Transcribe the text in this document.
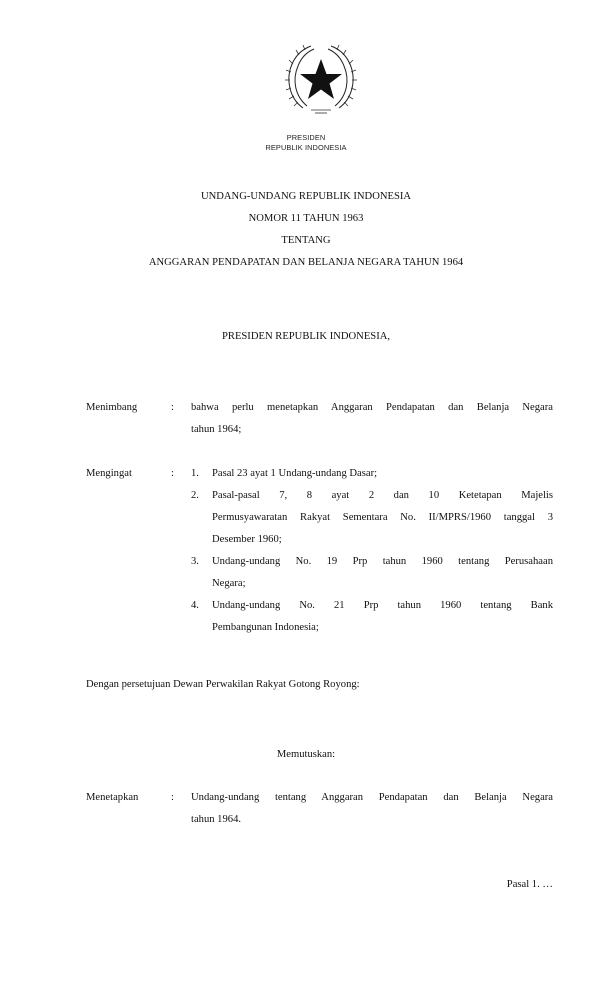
PRESIDEN
REPUBLIK INDONESIA
UNDANG-UNDANG REPUBLIK INDONESIA
NOMOR 11 TAHUN 1963
TENTANG
ANGGARAN PENDAPATAN DAN BELANJA NEGARA TAHUN 1964
PRESIDEN REPUBLIK INDONESIA,
Menimbang	: bahwa perlu menetapkan Anggaran Pendapatan dan Belanja Negara
tahun 1964;
Mengingat	: 1. Pasal 23 ayat 1 Undang-undang Dasar;
2. Pasal-pasal 7, 8 ayat 2 dan 10 Ketetapan Majelis
Permusyawaratan Rakyat Sementara No. II/MPRS/1960 tanggal 3
Desember 1960;
3. Undang-undang No. 19 Prp tahun 1960 tentang Perusahaan
Negara;
4. Undang-undang No. 21 Prp tahun 1960 tentang Bank
Pembangunan Indonesia;
Dengan persetujuan Dewan Perwakilan Rakyat Gotong Royong:
Memutuskan:
Menetapkan	: Undang-undang tentang Anggaran Pendapatan dan Belanja Negara
tahun 1964.
Pasal 1. …
